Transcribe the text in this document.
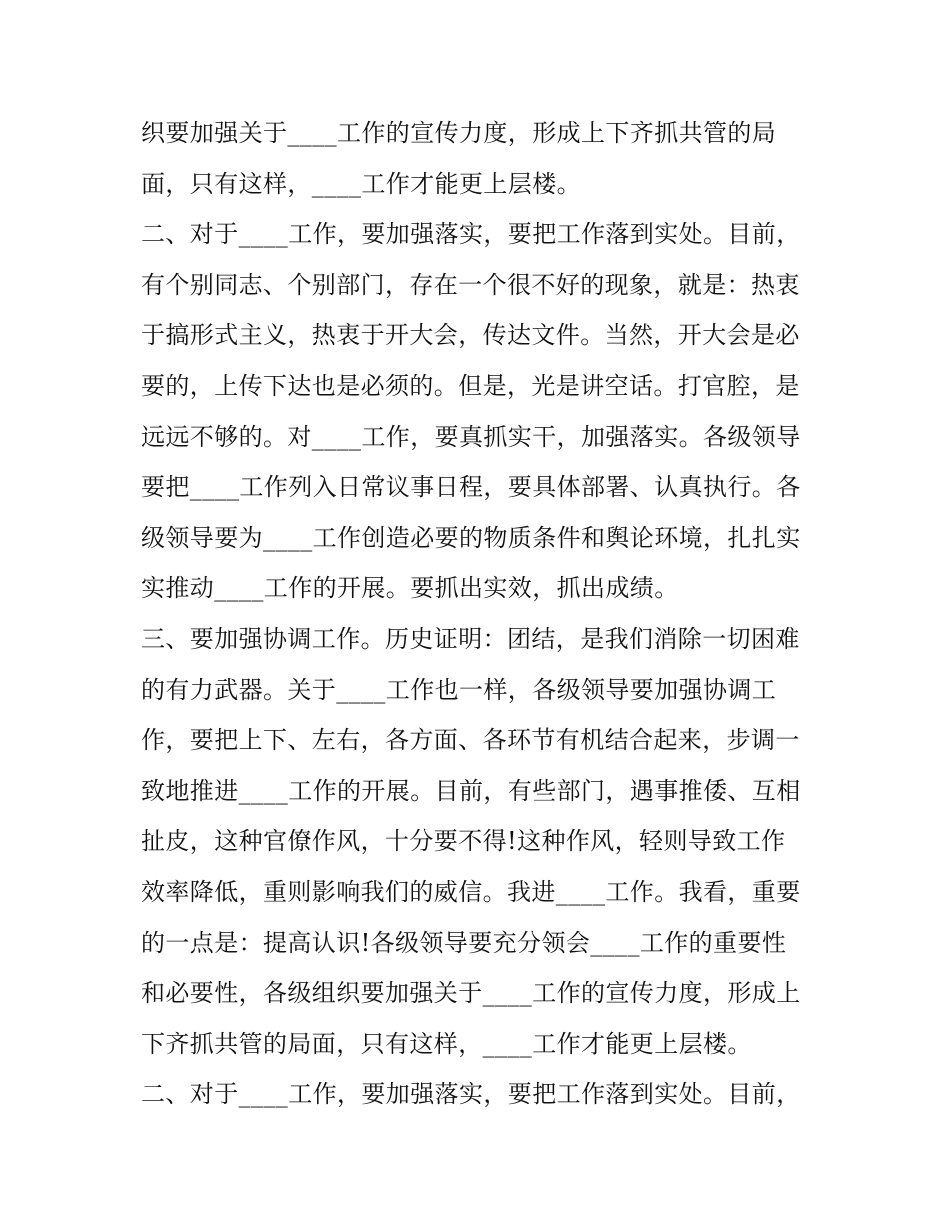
织要加强关于____工作的宣传力度，形成上下齐抓共管的局
面，只有这样，____工作才能更上层楼。
二、对于____工作，要加强落实，要把工作落到实处。目前，
有个别同志、个别部门，存在一个很不好的现象，就是：热衷
于搞形式主义，热衷于开大会，传达文件。当然，开大会是必
要的，上传下达也是必须的。但是，光是讲空话。打官腔，是
远远不够的。对____工作，要真抓实干，加强落实。各级领导
要把____工作列入日常议事日程，要具体部署、认真执行。各
级领导要为____工作创造必要的物质条件和舆论环境，扎扎实
实推动____工作的开展。要抓出实效，抓出成绩。
三、要加强协调工作。历史证明：团结，是我们消除一切困难
的有力武器。关于____工作也一样，各级领导要加强协调工
作，要把上下、左右，各方面、各环节有机结合起来，步调一
致地推进____工作的开展。目前，有些部门，遇事推倭、互相
扯皮，这种官僚作风，十分要不得!这种作风，轻则导致工作
效率降低，重则影响我们的威信。我进____工作。我看，重要
的一点是：提高认识!各级领导要充分领会____工作的重要性
和必要性，各级组织要加强关于____工作的宣传力度，形成上
下齐抓共管的局面，只有这样，____工作才能更上层楼。
二、对于____工作，要加强落实，要把工作落到实处。目前，
